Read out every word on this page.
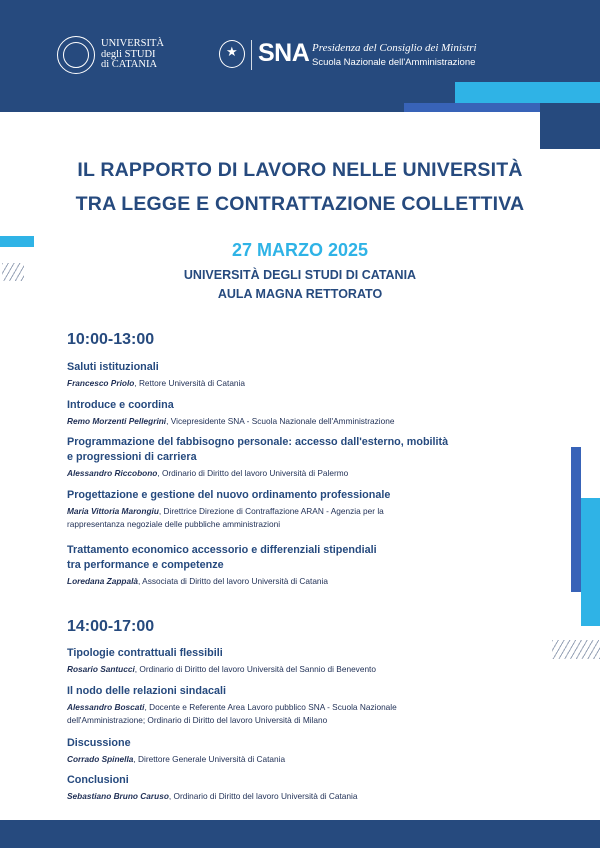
UNIVERSITÀ
degli STUDI
di CATANIA
★	SNA Presidenza del Consiglio dei Ministri
Scuola Nazionale dell'Amministrazione
IL RAPPORTO DI LAVORO NELLE UNIVERSITÀ
TRA LEGGE E CONTRATTAZIONE COLLETTIVA
27 MARZO 2025
UNIVERSITÀ DEGLI STUDI DI CATANIA
AULA MAGNA RETTORATO
10:00-13:00
Saluti istituzionali
Francesco Priolo, Rettore Università di Catania
Introduce e coordina
Remo Morzenti Pellegrini, Vicepresidente SNA - Scuola Nazionale dell'Amministrazione
Programmazione del fabbisogno personale: accesso dall'esterno, mobilità
e progressioni di carriera
Alessandro Riccobono, Ordinario di Diritto del lavoro Università di Palermo
Progettazione e gestione del nuovo ordinamento professionale
Maria Vittoria Marongiu, Direttrice Direzione di Contraffazione ARAN - Agenzia per la
rappresentanza negoziale delle pubbliche amministrazioni
Trattamento economico accessorio e differenziali stipendiali
tra performance e competenze
Loredana Zappalà, Associata di Diritto del lavoro Università di Catania
14:00-17:00
Tipologie contrattuali flessibili
Rosario Santucci, Ordinario di Diritto del lavoro Università del Sannio di Benevento
Il nodo delle relazioni sindacali
Alessandro Boscati, Docente e Referente Area Lavoro pubblico SNA - Scuola Nazionale
dell'Amministrazione; Ordinario di Diritto del lavoro Università di Milano
Discussione
Corrado Spinella, Direttore Generale Università di Catania
Conclusioni
Sebastiano Bruno Caruso, Ordinario di Diritto del lavoro Università di Catania
